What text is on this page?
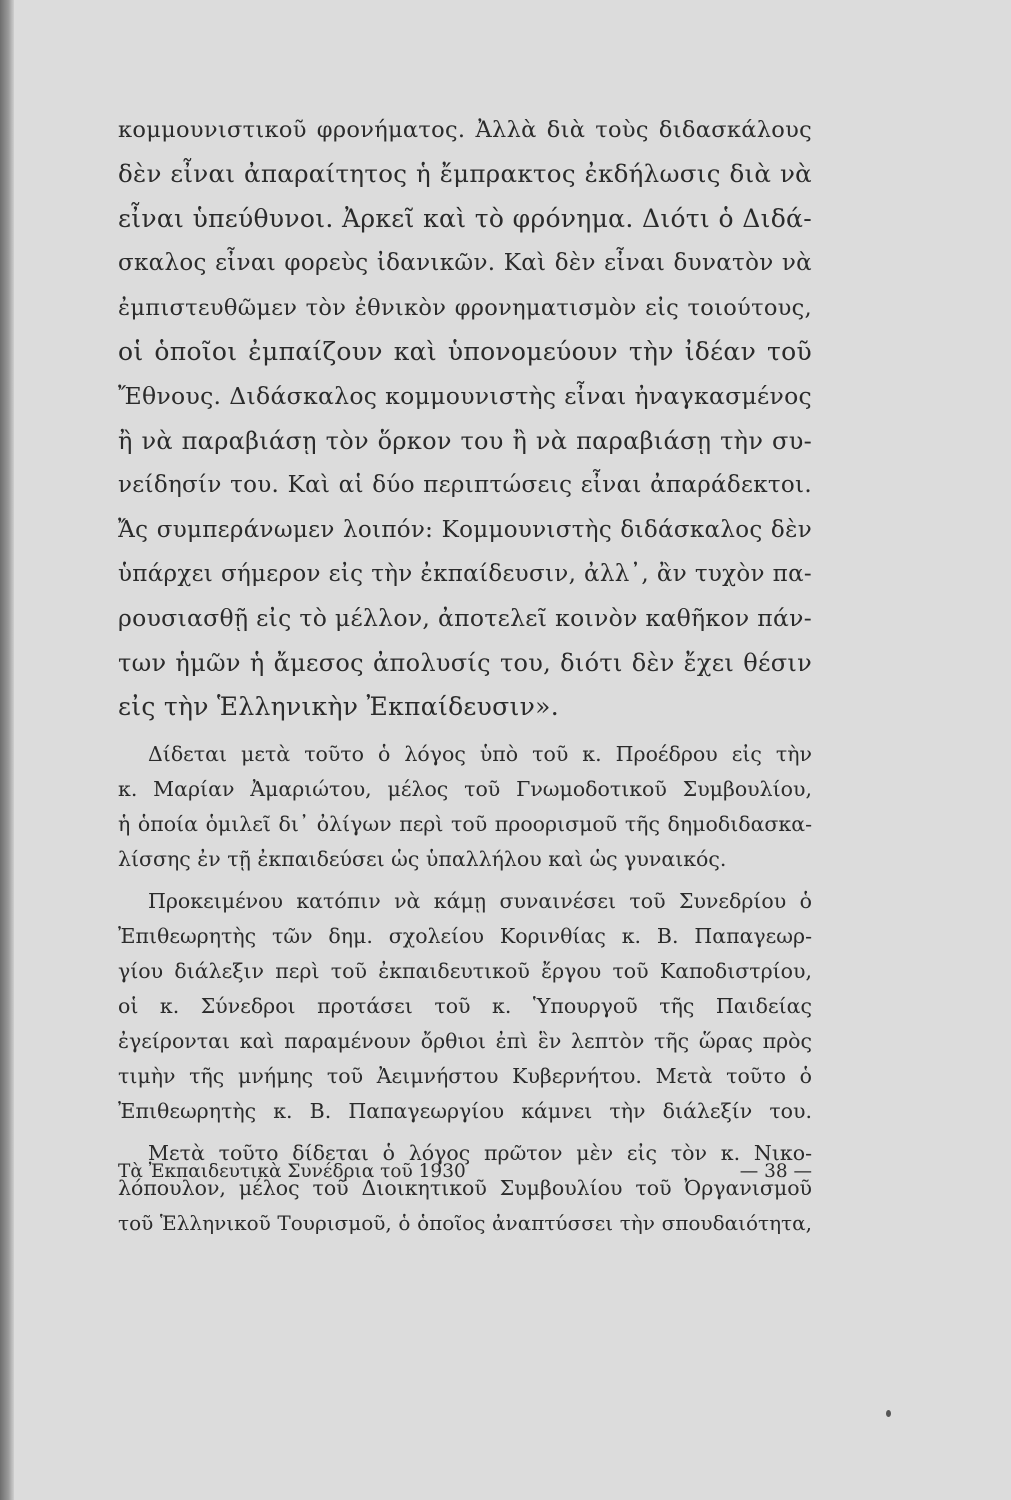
κομμουνιστικοῦ φρονήματος. Ἀλλὰ διὰ τοὺς διδασκάλους
δὲν εἶναι ἀπαραίτητος ἡ ἔμπρακτος ἐκδήλωσις διὰ νὰ
εἶναι ὑπεύθυνοι. Ἀρκεῖ καὶ τὸ φρόνημα. Διότι ὁ Διδά-
σκαλος εἶναι φορεὺς ἰδανικῶν. Καὶ δὲν εἶναι δυνατὸν νὰ
ἐμπιστευθῶμεν τὸν ἐθνικὸν φρονηματισμὸν εἰς τοιούτους,
οἱ ὁποῖοι ἐμπαίζουν καὶ ὑπονομεύουν τὴν ἰδέαν τοῦ
Ἔθνους. Διδάσκαλος κομμουνιστὴς εἶναι ἠναγκασμένος
ἢ νὰ παραβιάσῃ τὸν ὅρκον του ἢ νὰ παραβιάσῃ τὴν συ-
νείδησίν του. Καὶ αἱ δύο περιπτώσεις εἶναι ἀπαράδεκτοι.
Ἄς συμπεράνωμεν λοιπόν: Κομμουνιστὴς διδάσκαλος δὲν
ὑπάρχει σήμερον εἰς τὴν ἐκπαίδευσιν, ἀλλ᾿, ἂν τυχὸν πα-
ρουσιασθῇ εἰς τὸ μέλλον, ἀποτελεῖ κοινὸν καθῆκον πάν-
των ἡμῶν ἡ ἄμεσος ἀπολυσίς του, διότι δὲν ἔχει θέσιν
εἰς τὴν Ἑλληνικὴν Ἐκπαίδευσιν».
Δίδεται μετὰ τοῦτο ὁ λόγος ὑπὸ τοῦ κ. Προέδρου εἰς τὴν
κ. Μαρίαν Ἀμαριώτου, μέλος τοῦ Γνωμοδοτικοῦ Συμβουλίου,
ἡ ὁποία ὁμιλεῖ δι᾿ ὀλίγων περὶ τοῦ προορισμοῦ τῆς δημοδιδασκα-
λίσσης ἐν τῇ ἐκπαιδεύσει ὡς ὑπαλλήλου καὶ ὡς γυναικός.
Προκειμένου κατόπιν νὰ κάμῃ συναινέσει τοῦ Συνεδρίου ὁ
Ἐπιθεωρητὴς τῶν δημ. σχολείου Κορινθίας κ. Β. Παπαγεωρ-
γίου διάλεξιν περὶ τοῦ ἐκπαιδευτικοῦ ἔργου τοῦ Καποδιστρίου,
οἱ κ. Σύνεδροι προτάσει τοῦ κ. Ὑπουργοῦ τῆς Παιδείας
ἐγείρονται καὶ παραμένουν ὄρθιοι ἐπὶ ἓν λεπτὸν τῆς ὥρας πρὸς
τιμὴν τῆς μνήμης τοῦ Ἀειμνήστου Κυβερνήτου. Μετὰ τοῦτο ὁ
Ἐπιθεωρητὴς κ. Β. Παπαγεωργίου κάμνει τὴν διάλεξίν του.
Μετὰ τοῦτο δίδεται ὁ λόγος πρῶτον μὲν εἰς τὸν κ. Νικο-
λόπουλον, μέλος τοῦ Διοικητικοῦ Συμβουλίου τοῦ Ὀργανισμοῦ
τοῦ Ἑλληνικοῦ Τουρισμοῦ, ὁ ὁποῖος ἀναπτύσσει τὴν σπουδαιότητα,
Τὰ Ἐκπαιδευτικὰ Συνέδρια τοῦ 1930	— 38 —
